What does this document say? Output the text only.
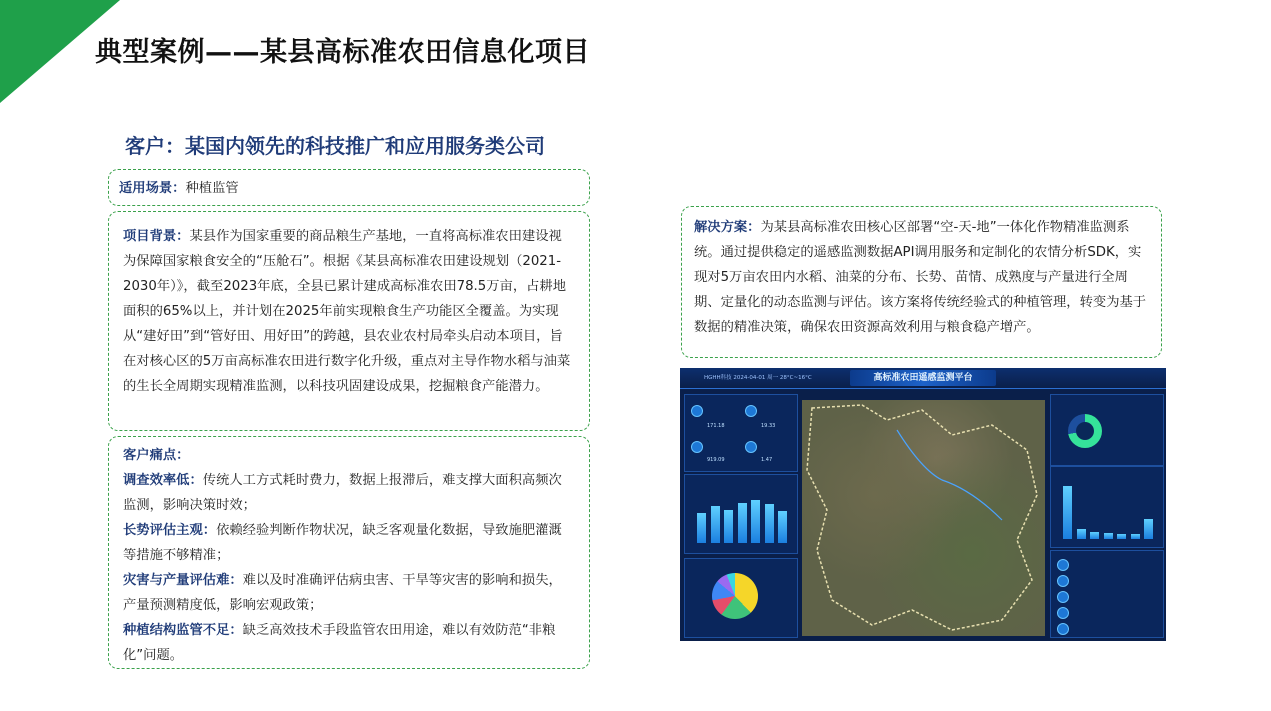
典型案例——某县高标准农田信息化项目
客户：某国内领先的科技推广和应用服务类公司
适用场景：种植监管

项目背景：某县作为国家重要的商品粮生产基地，一直将高标准农田建设视为保障国家粮食安全的“压舱石”。根据《某县高标准农田建设规划（2021-2030年）》，截至2023年底，全县已累计建成高标准农田78.5万亩，占耕地面积的65%以上，并计划在2025年前实现粮食生产功能区全覆盖。为实现从“建好田”到“管好田、用好田”的跨越，县农业农村局牵头启动本项目，旨在对核心区的5万亩高标准农田进行数字化升级，重点对主导作物水稻与油菜的生长全周期实现精准监测，以科技巩固建设成果，挖掘粮食产能潜力。

客户痛点：

调查效率低：传统人工方式耗时费力，数据上报滞后，难支撑大面积高频次监测，影响决策时效；

长势评估主观：依赖经验判断作物状况，缺乏客观量化数据，导致施肥灌溉等措施不够精准；

灾害与产量评估难：难以及时准确评估病虫害、干旱等灾害的影响和损失，产量预测精度低，影响宏观政策；

种植结构监管不足：缺乏高效技术手段监管农田用途，难以有效防范“非粮化”问题。

解决方案：为某县高标准农田核心区部署“空-天-地”一体化作物精准监测系统。通过提供稳定的遥感监测数据API调用服务和定制化的农情分析SDK，实现对5万亩农田内水稻、油菜的分布、长势、苗情、成熟度与产量进行全周期、定量化的动态监测与评估。该方案将传统经验式的种植管理，转变为基于数据的精准决策，确保农田资源高效利用与粮食稳产增产。

HGHH科技 2024-04-01 周一 28°C~16°C	高标准农田遥感监测平台
171.18	19.33
919.09	1.47
